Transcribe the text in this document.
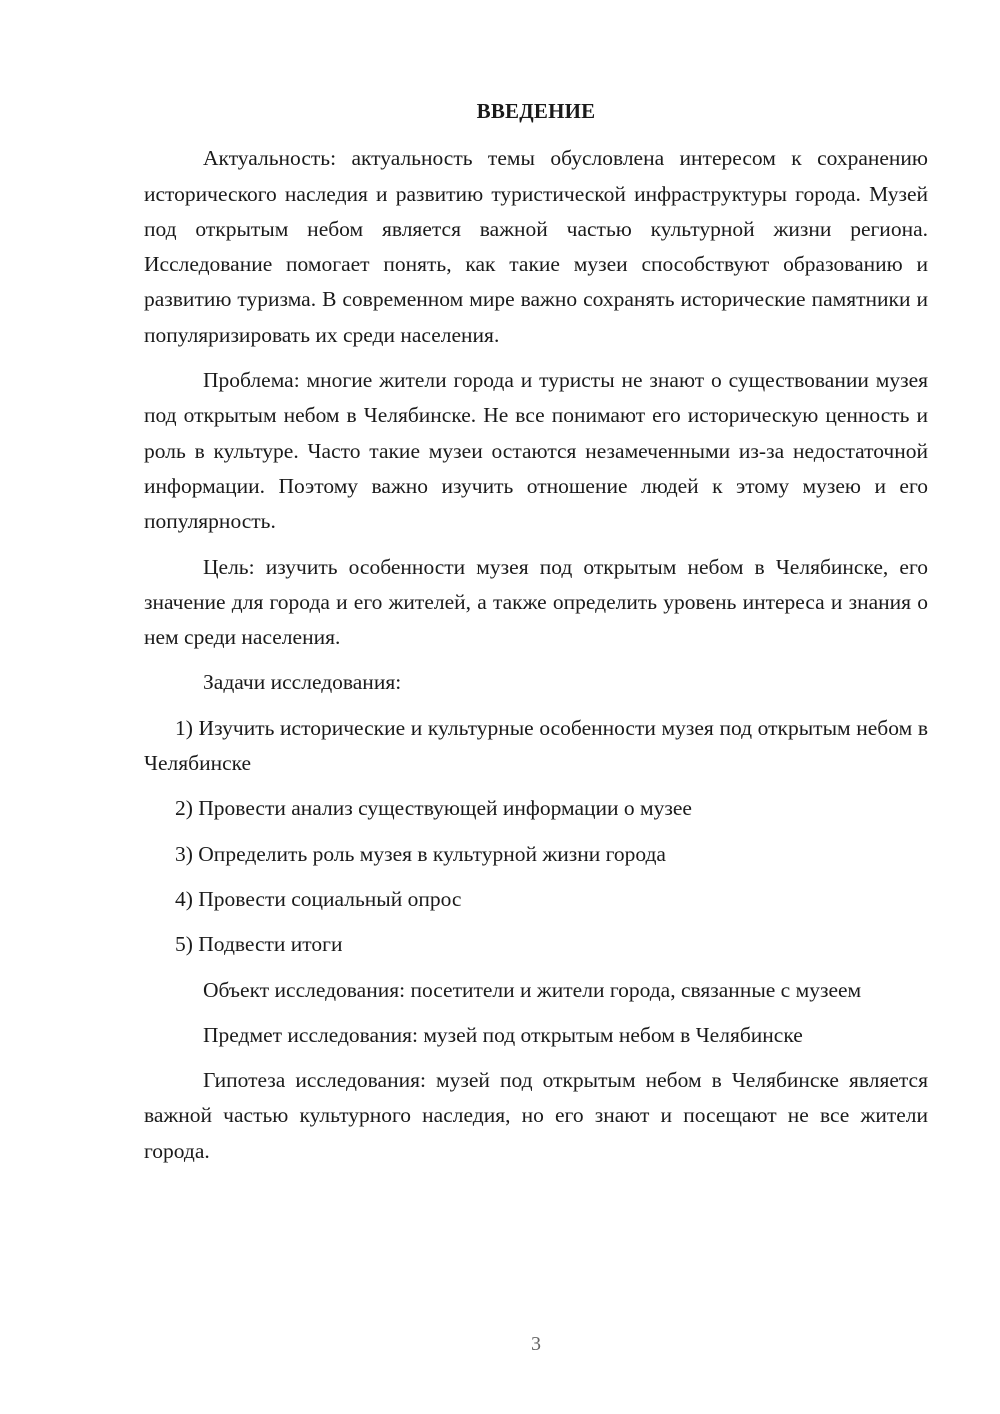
ВВЕДЕНИЕ

Актуальность: актуальность темы обусловлена интересом к сохранению исторического наследия и развитию туристической инфраструктуры города. Музей под открытым небом является важной частью культурной жизни региона. Исследование помогает понять, как такие музеи способствуют образованию и развитию туризма. В современном мире важно сохранять исторические памятники и популяризировать их среди населения.

Проблема: многие жители города и туристы не знают о существовании музея под открытым небом в Челябинске. Не все понимают его историческую ценность и роль в культуре. Часто такие музеи остаются незамеченными из-за недостаточной информации. Поэтому важно изучить отношение людей к этому музею и его популярность.

Цель: изучить особенности музея под открытым небом в Челябинске, его значение для города и его жителей, а также определить уровень интереса и знания о нем среди населения.

Задачи исследования:

1) Изучить исторические и культурные особенности музея под открытым небом в Челябинске

2) Провести анализ существующей информации о музее

3) Определить роль музея в культурной жизни города

4) Провести социальный опрос

5) Подвести итоги

Объект исследования: посетители и жители города, связанные с музеем

Предмет исследования: музей под открытым небом в Челябинске

Гипотеза исследования: музей под открытым небом в Челябинске является важной частью культурного наследия, но его знают и посещают не все жители города.

3
